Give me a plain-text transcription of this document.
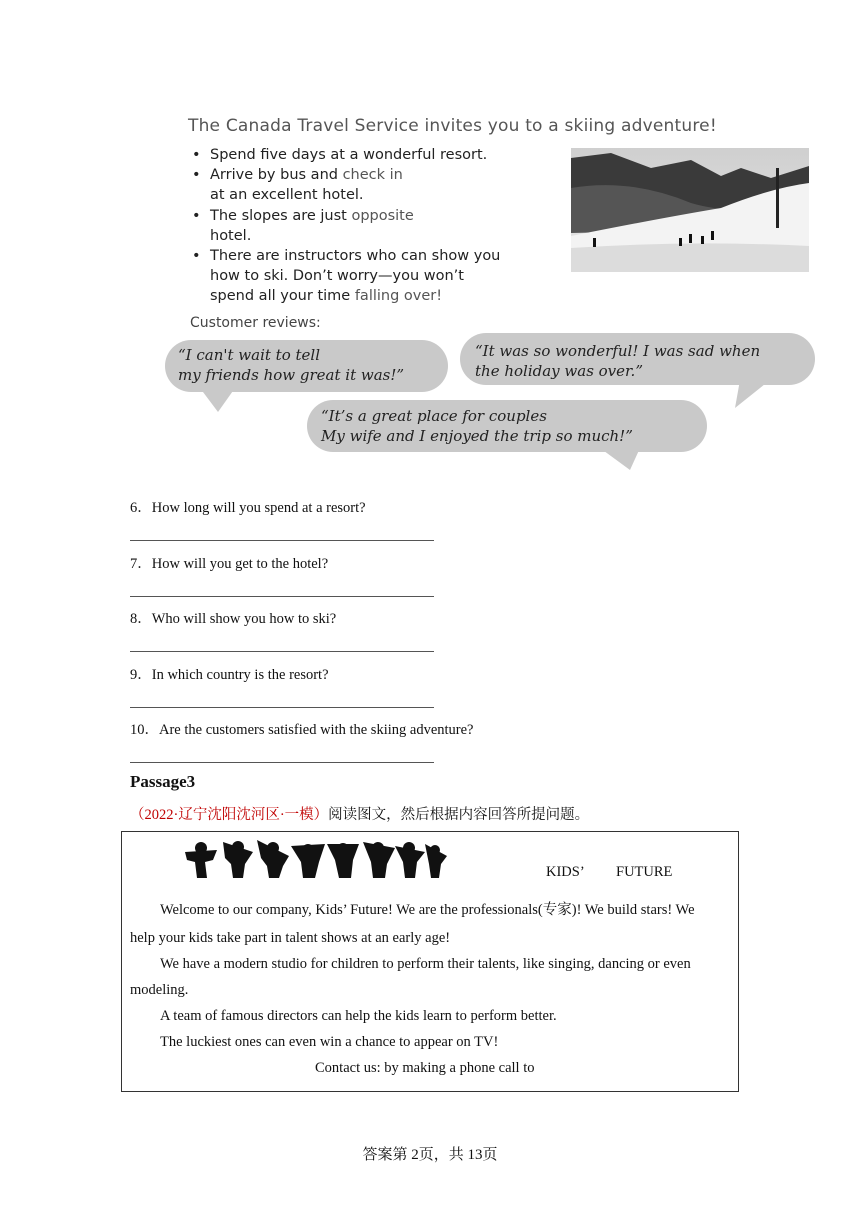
The Canada Travel Service invites you to a skiing adventure!
• Spend five days at a wonderful resort.
• Arrive by bus and check in
at an excellent hotel.
• The slopes are just opposite
hotel.
• There are instructors who can show you
how to ski. Don’t worry—you won’t
spend all your time falling over!
Customer reviews:
“I can't wait to tell
my friends how great it was!”
“It was so wonderful! I was sad when
the holiday was over.”
“It’s a great place for couples
My wife and I enjoyed the trip so much!”
6．How long will you spend at a resort?
7．How will you get to the hotel?
8．Who will show you how to ski?
9．In which country is the resort?
10．Are the customers satisfied with the skiing adventure?
Passage3
（2022·辽宁沈阳沈河区·一模）阅读图文，然后根据内容回答所提问题。
KIDS’ FUTURE
Welcome to our company, Kids’ Future! We are the professionals(专家)! We build stars! We
help your kids take part in talent shows at an early age!
We have a modern studio for children to perform their talents, like singing, dancing or even
modeling.
A team of famous directors can help the kids learn to perform better.
The luckiest ones can even win a chance to appear on TV!
Contact us: by making a phone call to
答案第 2页，共 13页
